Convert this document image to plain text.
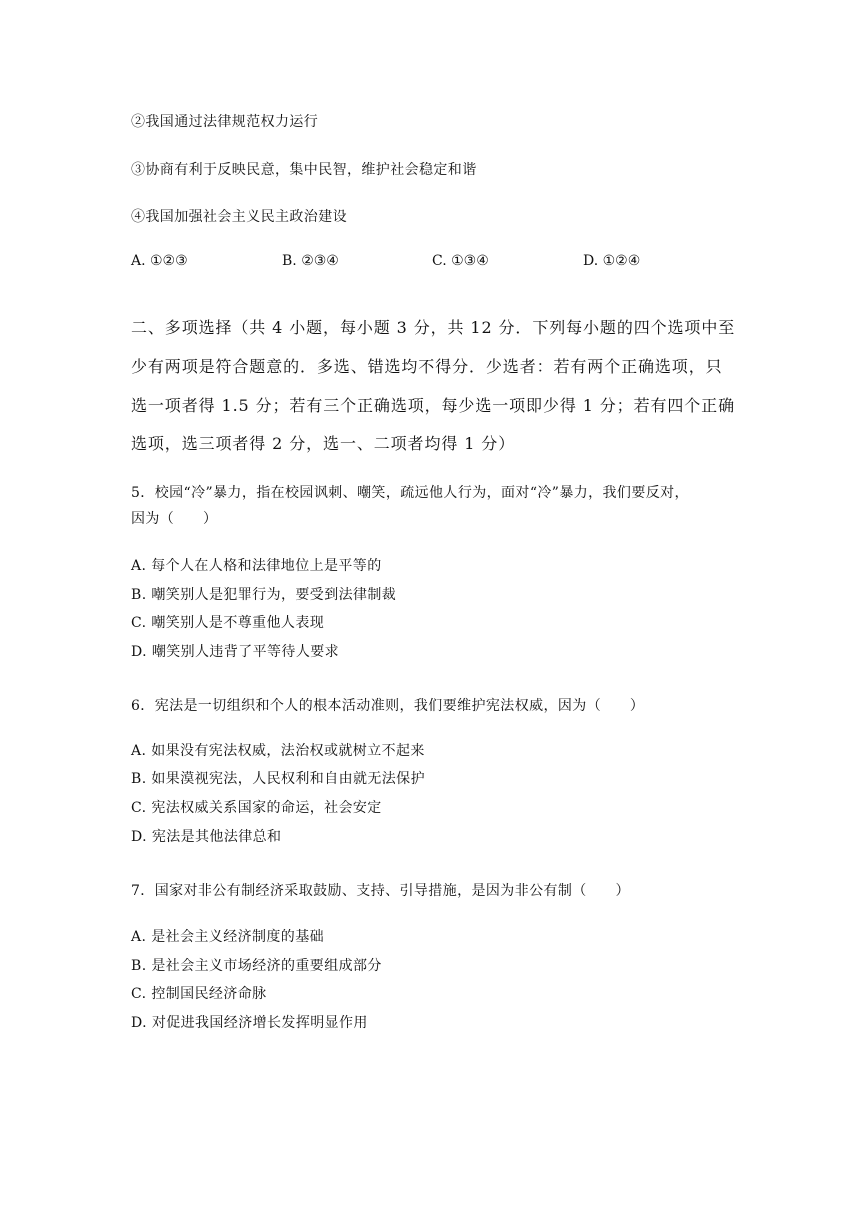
②我国通过法律规范权力运行
③协商有利于反映民意，集中民智，维护社会稳定和谐
④我国加强社会主义民主政治建设
A. ①②③	B. ②③④	C. ①③④	D. ①②④
二、多项选择（共 4 小题，每小题 3 分，共 12 分．下列每小题的四个选项中至
少有两项是符合题意的．多选、错选均不得分．少选者：若有两个正确选项，只
选一项者得 1.5 分；若有三个正确选项，每少选一项即少得 1 分；若有四个正确
选项，选三项者得 2 分，选一、二项者均得 1 分）
5．校园“冷”暴力，指在校园讽刺、嘲笑，疏远他人行为，面对“冷”暴力，我们要反对，
因为（　　）
A. 每个人在人格和法律地位上是平等的
B. 嘲笑别人是犯罪行为，要受到法律制裁
C. 嘲笑别人是不尊重他人表现
D. 嘲笑别人违背了平等待人要求
6．宪法是一切组织和个人的根本活动准则，我们要维护宪法权威，因为（　　）
A. 如果没有宪法权威，法治权或就树立不起来
B. 如果漠视宪法，人民权利和自由就无法保护
C. 宪法权威关系国家的命运，社会安定
D. 宪法是其他法律总和
7．国家对非公有制经济采取鼓励、支持、引导措施，是因为非公有制（　　）
A. 是社会主义经济制度的基础
B. 是社会主义市场经济的重要组成部分
C. 控制国民经济命脉
D. 对促进我国经济增长发挥明显作用
